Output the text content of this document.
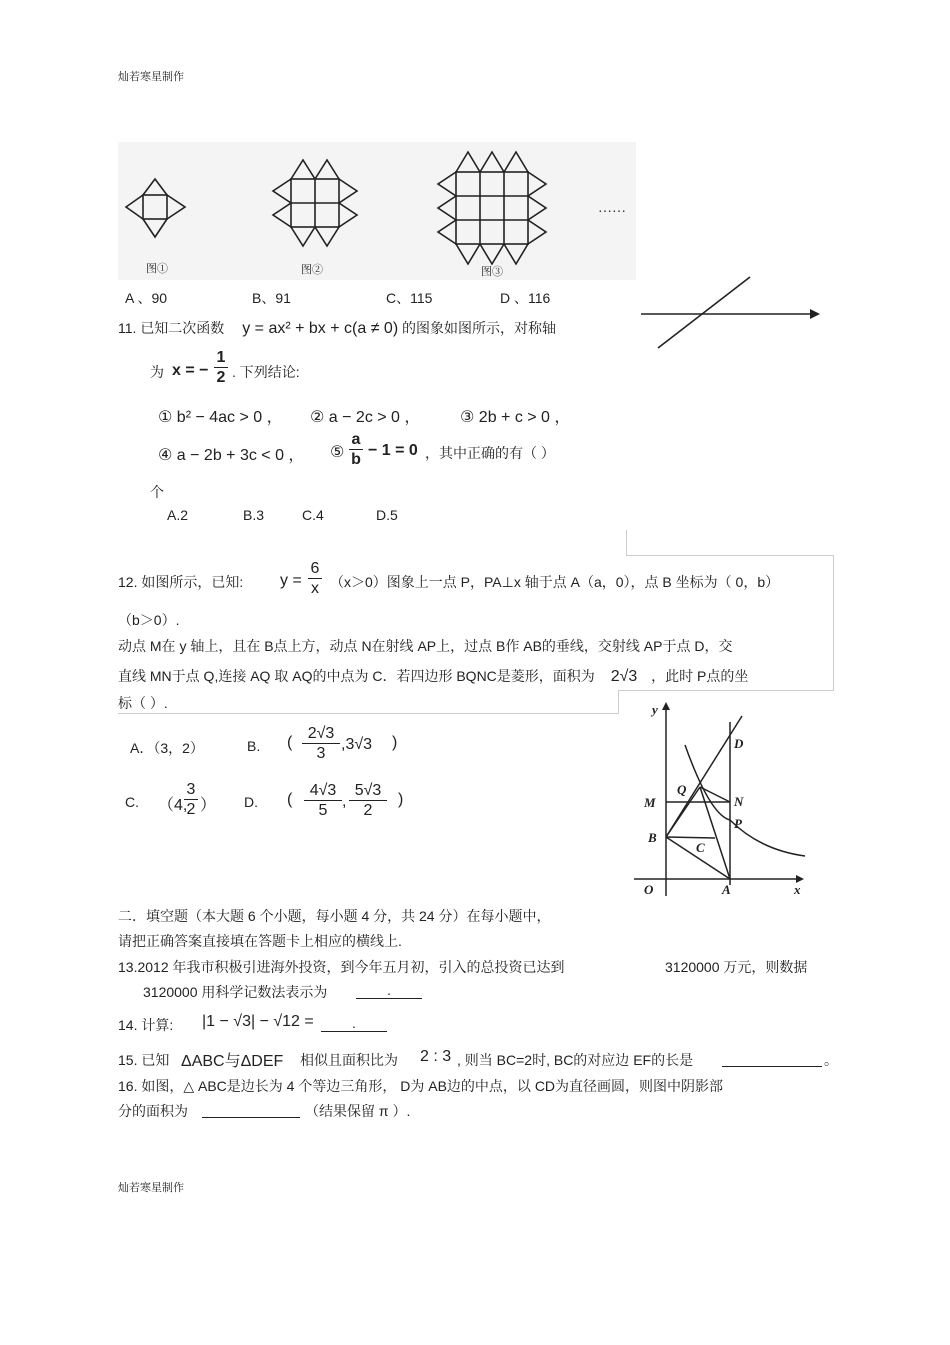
灿若寒星制作
图①	图②	图③
……
A 、90	B、91	C、115	D 、116
11. 已知二次函数 y = ax² + bx + c(a ≠ 0) 的图象如图所示，对称轴
为 x = − $\frac{1}{2}$ . 下列结论:
① b² − 4ac > 0 ， ② a − 2c > 0 ， ③ 2b + c > 0 ，
④ a − 2b + 3c < 0 ， ⑤ $\frac{a}{b} - 1 = 0$ ，其中正确的有（ ）
个
A.2	B.3	C.4	D.5
12. 如图所示，已知: $y = \frac{6}{x} (x>0)$图象上一点 P，PA⊥x 轴于点 A（a，0），点 B 坐标为（ 0，b）
（b＞0）.
动点 M在 y 轴上，且在 B点上方，动点 N在射线 AP上，过点 B作 AB的垂线，交射线 AP于点 D，交
直线 MN于点 Q,连接 AQ 取 AQ的中点为 C．若四边形 BQNC是菱形，面积为 2√3 ，此时 P点的坐
标（ ）.
A．（3，2）	B. ( $\frac{2√3}{3} ,3√3$ )
C. （4,
$\frac{3}{2}$ ） D. ( $\frac{4√3}{5}$ , $\frac{5√3}{2}$ )
y
x
O	A
B
C
D
M	N
P
Q
二．填空题（本大题 6 个小题，每小题 4 分，共 24 分）在每小题中，
请把正确答案直接填在答题卡上相应的横线上.
13.2012 年我市积极引进海外投资，到今年五月初，引入的总投资已达到	3120000 万元，则数据
3120000 用科学记数法表示为	.
14. 计算: |1 − √3| − √12 =	.
15. 已知 ΔABC与ΔDEF 相似且面积比为 2 : 3 , 则当 BC=2时, BC的对应边 EF的长是	。
16. 如图，△ ABC是边长为 4 个等边三角形， D为 AB边的中点，以 CD为直径画圆，则图中阴影部
分的面积为	（结果保留 π ）.
灿若寒星制作
